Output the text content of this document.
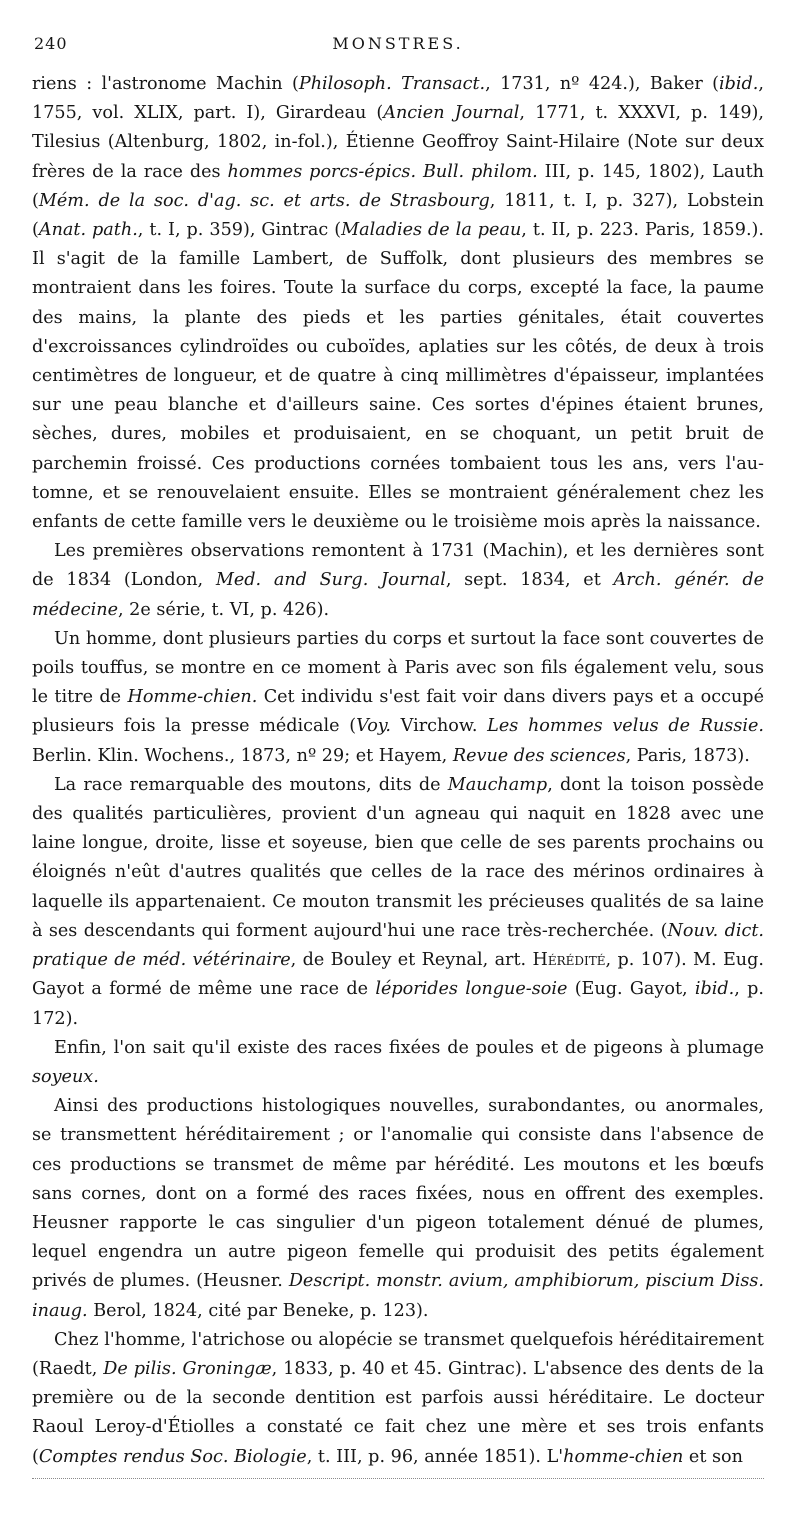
240	MONSTRES.

riens : l'astronome Machin (Philosoph. Transact., 1731, nº 424.), Baker (ibid., 1755, vol. XLIX, part. I), Girardeau (Ancien Journal, 1771, t. XXXVI, p. 149), Tilesius (Altenburg, 1802, in-fol.), Étienne Geoffroy Saint-Hilaire (Note sur deux frères de la race des hommes porcs-épics. Bull. philom. III, p. 145, 1802), Lauth (Mém. de la soc. d'ag. sc. et arts. de Strasbourg, 1811, t. I, p. 327), Lobstein (Anat. path., t. I, p. 359), Gintrac (Maladies de la peau, t. II, p. 223. Paris, 1859.). Il s'agit de la famille Lambert, de Suffolk, dont plusieurs des membres se montraient dans les foires. Toute la surface du corps, excepté la face, la paume des mains, la plante des pieds et les parties génitales, était couvertes d'excroissances cylindroïdes ou cuboïdes, aplaties sur les côtés, de deux à trois centimètres de longueur, et de quatre à cinq millimètres d'épaisseur, implantées sur une peau blanche et d'ailleurs saine. Ces sortes d'épines étaient brunes, sèches, dures, mobiles et produisaient, en se choquant, un petit bruit de parchemin froissé. Ces productions cornées tombaient tous les ans, vers l'automne, et se renouvelaient ensuite. Elles se montraient généralement chez les enfants de cette famille vers le deuxième ou le troisième mois après la naissance.

Les premières observations remontent à 1731 (Machin), et les dernières sont de 1834 (London, Med. and Surg. Journal, sept. 1834, et Arch. génér. de médecine, 2e série, t. VI, p. 426).

Un homme, dont plusieurs parties du corps et surtout la face sont couvertes de poils touffus, se montre en ce moment à Paris avec son fils également velu, sous le titre de Homme-chien. Cet individu s'est fait voir dans divers pays et a occupé plusieurs fois la presse médicale (Voy. Virchow. Les hommes velus de Russie. Berlin. Klin. Wochens., 1873, nº 29; et Hayem, Revue des sciences, Paris, 1873).

La race remarquable des moutons, dits de Mauchamp, dont la toison possède des qualités particulières, provient d'un agneau qui naquit en 1828 avec une laine longue, droite, lisse et soyeuse, bien que celle de ses parents prochains ou éloignés n'eût d'autres qualités que celles de la race des mérinos ordinaires à laquelle ils appartenaient. Ce mouton transmit les précieuses qualités de sa laine à ses descendants qui forment aujourd'hui une race très-recherchée. (Nouv. dict. pratique de méd. vétérinaire, de Bouley et Reynal, art. Hérédité, p. 107). M. Eug. Gayot a formé de même une race de léporides longue-soie (Eug. Gayot, ibid., p. 172).

Enfin, l'on sait qu'il existe des races fixées de poules et de pigeons à plumage soyeux.

Ainsi des productions histologiques nouvelles, surabondantes, ou anormales, se transmettent héréditairement ; or l'anomalie qui consiste dans l'absence de ces productions se transmet de même par hérédité. Les moutons et les bœufs sans cornes, dont on a formé des races fixées, nous en offrent des exemples. Heusner rapporte le cas singulier d'un pigeon totalement dénué de plumes, lequel engendra un autre pigeon femelle qui produisit des petits également privés de plumes. (Heusner. Descript. monstr. avium, amphibiorum, piscium Diss. inaug. Berol, 1824, cité par Beneke, p. 123).

Chez l'homme, l'atrichose ou alopécie se transmet quelquefois héréditairement (Raedt, De pilis. Groningæ, 1833, p. 40 et 45. Gintrac). L'absence des dents de la première ou de la seconde dentition est parfois aussi héréditaire. Le docteur Raoul Leroy-d'Étiolles a constaté ce fait chez une mère et ses trois enfants (Comptes rendus Soc. Biologie, t. III, p. 96, année 1851). L'homme-chien et son
